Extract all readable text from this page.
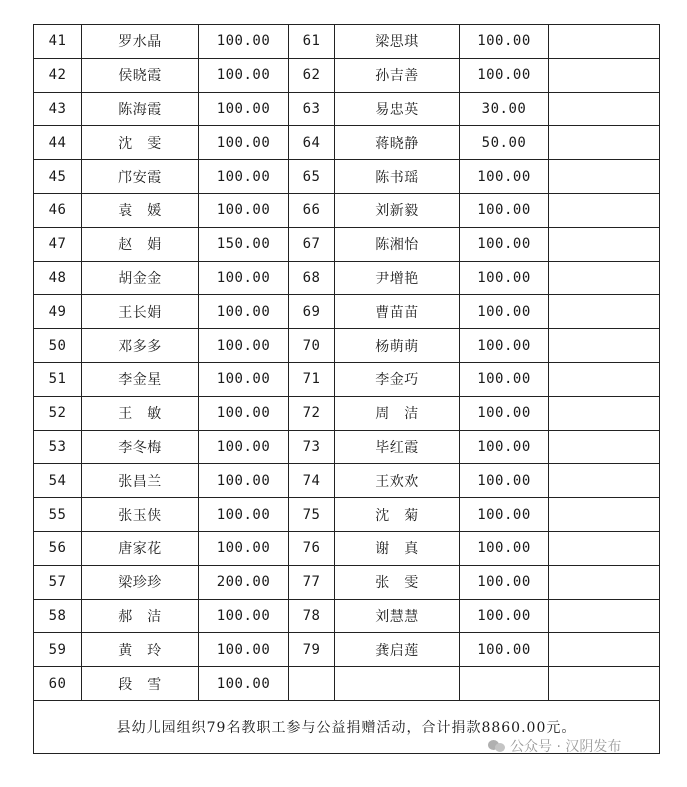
41	罗水晶	100.00	61	梁思琪	100.00	
42	侯晓霞	100.00	62	孙吉善	100.00	
43	陈海霞	100.00	63	易忠英	30.00	
44	沈　雯	100.00	64	蒋晓静	50.00	
45	邝安霞	100.00	65	陈书瑶	100.00	
46	袁　媛	100.00	66	刘新毅	100.00	
47	赵　娟	150.00	67	陈湘怡	100.00	
48	胡金金	100.00	68	尹增艳	100.00	
49	王长娟	100.00	69	曹苗苗	100.00	
50	邓多多	100.00	70	杨萌萌	100.00	
51	李金星	100.00	71	李金巧	100.00	
52	王　敏	100.00	72	周　洁	100.00	
53	李冬梅	100.00	73	毕红霞	100.00	
54	张昌兰	100.00	74	王欢欢	100.00	
55	张玉侠	100.00	75	沈　菊	100.00	
56	唐家花	100.00	76	谢　真	100.00	
57	梁珍珍	200.00	77	张　雯	100.00	
58	郝　洁	100.00	78	刘慧慧	100.00	
59	黄　玲	100.00	79	龚启莲	100.00	
60	段　雪	100.00				
县幼儿园组织79名教职工参与公益捐赠活动，合计捐款8860.00元。						
公众号 · 汉阴发布
